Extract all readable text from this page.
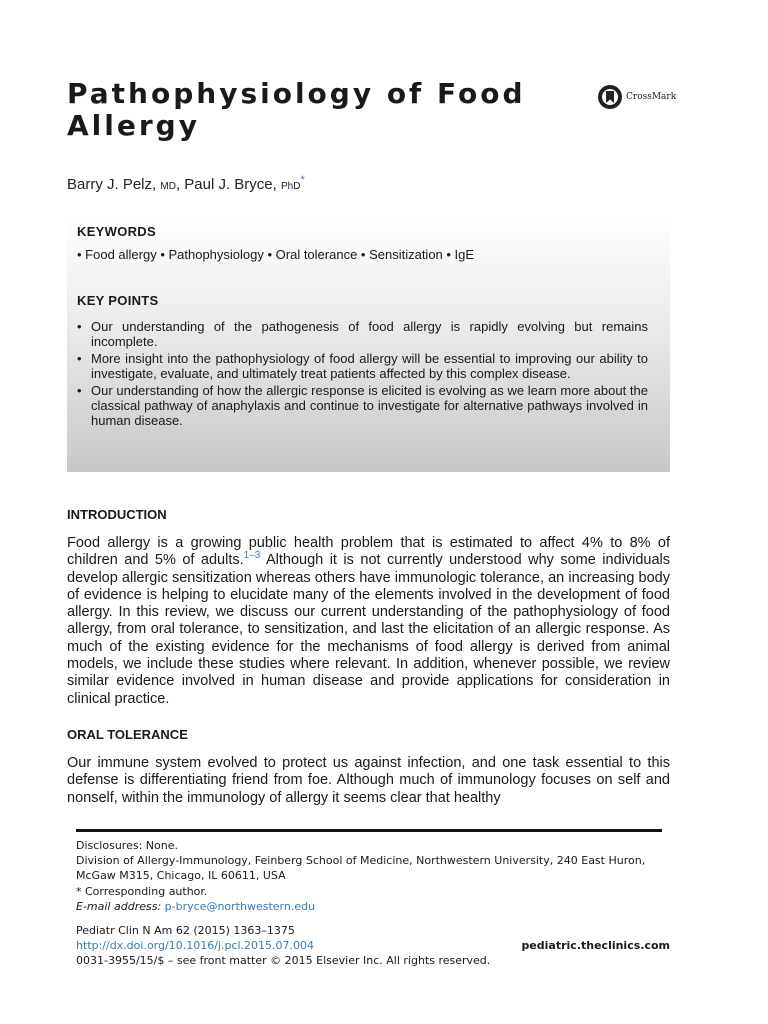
Pathophysiology of Food Allergy
CrossMark
Barry J. Pelz, MD, Paul J. Bryce, PhD*
KEYWORDS
• Food allergy • Pathophysiology • Oral tolerance • Sensitization • IgE
KEY POINTS
• Our understanding of the pathogenesis of food allergy is rapidly evolving but remains incomplete.
• More insight into the pathophysiology of food allergy will be essential to improving our ability to investigate, evaluate, and ultimately treat patients affected by this complex disease.
• Our understanding of how the allergic response is elicited is evolving as we learn more about the classical pathway of anaphylaxis and continue to investigate for alternative pathways involved in human disease.
INTRODUCTION

Food allergy is a growing public health problem that is estimated to affect 4% to 8% of children and 5% of adults.$^{1-3}$ Although it is not currently understood why some individuals develop allergic sensitization whereas others have immunologic tolerance, an increasing body of evidence is helping to elucidate many of the elements involved in the development of food allergy. In this review, we discuss our current understanding of the pathophysiology of food allergy, from oral tolerance, to sensitization, and last the elicitation of an allergic response. As much of the existing evidence for the mechanisms of food allergy is derived from animal models, we include these studies where relevant. In addition, whenever possible, we review similar evidence involved in human disease and provide applications for consideration in clinical practice.

ORAL TOLERANCE

Our immune system evolved to protect us against infection, and one task essential to this defense is differentiating friend from foe. Although much of immunology focuses on self and nonself, within the immunology of allergy it seems clear that healthy

Disclosures: None.

Division of Allergy-Immunology, Feinberg School of Medicine, Northwestern University, 240 East Huron, McGaw M315, Chicago, IL 60611, USA

* Corresponding author.

E-mail address: p-bryce@northwestern.edu

Pediatr Clin N Am 62 (2015) 1363–1375

http://dx.doi.org/10.1016/j.pcl.2015.07.004

0031-3955/15/$ – see front matter © 2015 Elsevier Inc. All rights reserved.

pediatric.theclinics.com
